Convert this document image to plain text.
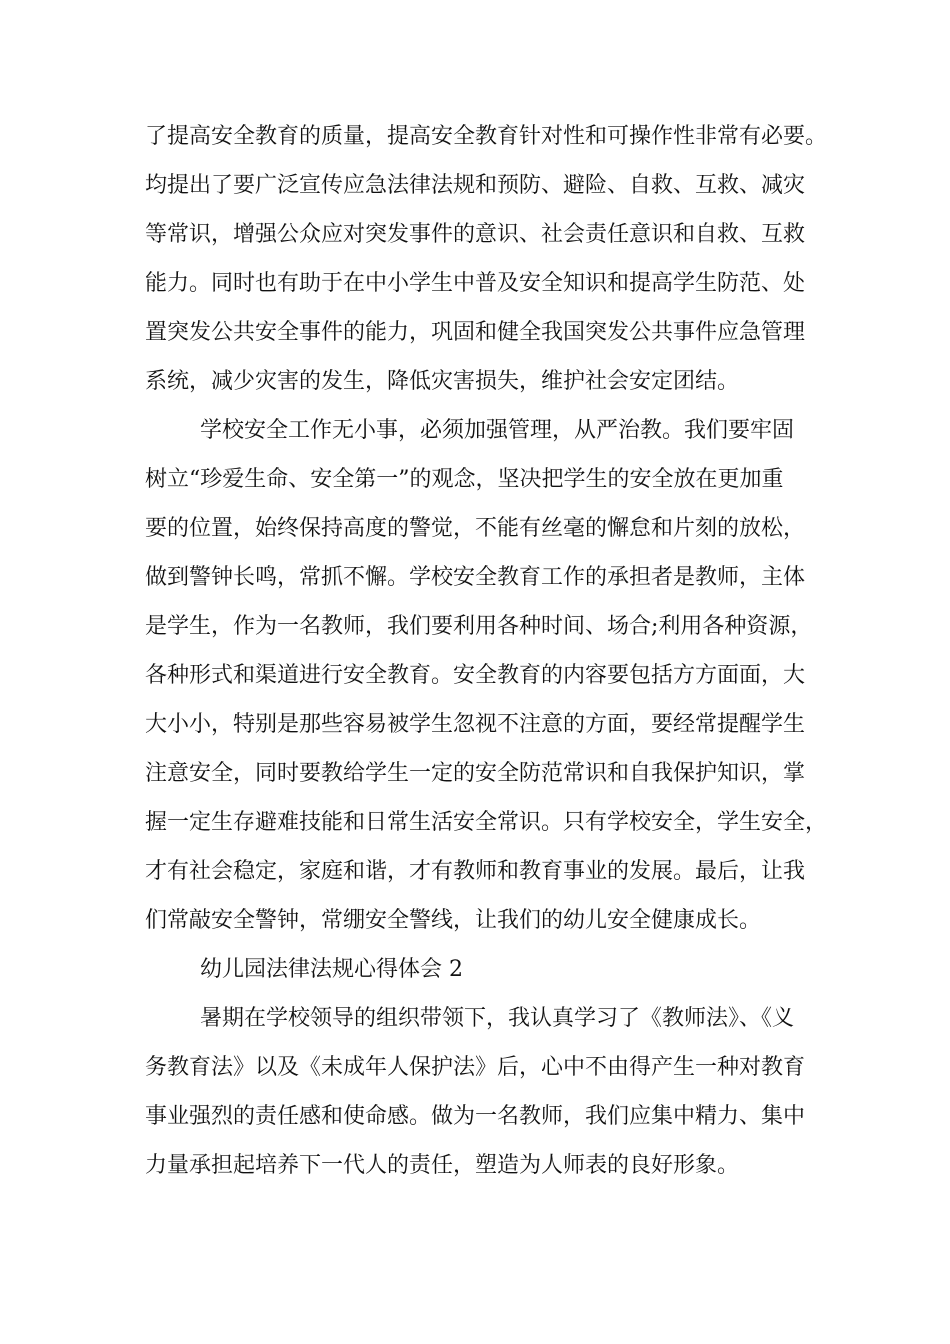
了提高安全教育的质量，提高安全教育针对性和可操作性非常有必要。
均提出了要广泛宣传应急法律法规和预防、避险、自救、互救、减灾
等常识，增强公众应对突发事件的意识、社会责任意识和自救、互救
能力。同时也有助于在中小学生中普及安全知识和提高学生防范、处
置突发公共安全事件的能力，巩固和健全我国突发公共事件应急管理
系统，减少灾害的发生，降低灾害损失，维护社会安定团结。
学校安全工作无小事，必须加强管理，从严治教。我们要牢固
树立“珍爱生命、安全第一”的观念，坚决把学生的安全放在更加重
要的位置，始终保持高度的警觉，不能有丝毫的懈怠和片刻的放松，
做到警钟长鸣，常抓不懈。学校安全教育工作的承担者是教师，主体
是学生，作为一名教师，我们要利用各种时间、场合;利用各种资源，
各种形式和渠道进行安全教育。安全教育的内容要包括方方面面，大
大小小，特别是那些容易被学生忽视不注意的方面，要经常提醒学生
注意安全，同时要教给学生一定的安全防范常识和自我保护知识，掌
握一定生存避难技能和日常生活安全常识。只有学校安全，学生安全，
才有社会稳定，家庭和谐，才有教师和教育事业的发展。最后，让我
们常敲安全警钟，常绷安全警线，让我们的幼儿安全健康成长。
幼儿园法律法规心得体会 2
暑期在学校领导的组织带领下，我认真学习了《教师法》、《义
务教育法》以及《未成年人保护法》后，心中不由得产生一种对教育
事业强烈的责任感和使命感。做为一名教师，我们应集中精力、集中
力量承担起培养下一代人的责任，塑造为人师表的良好形象。
